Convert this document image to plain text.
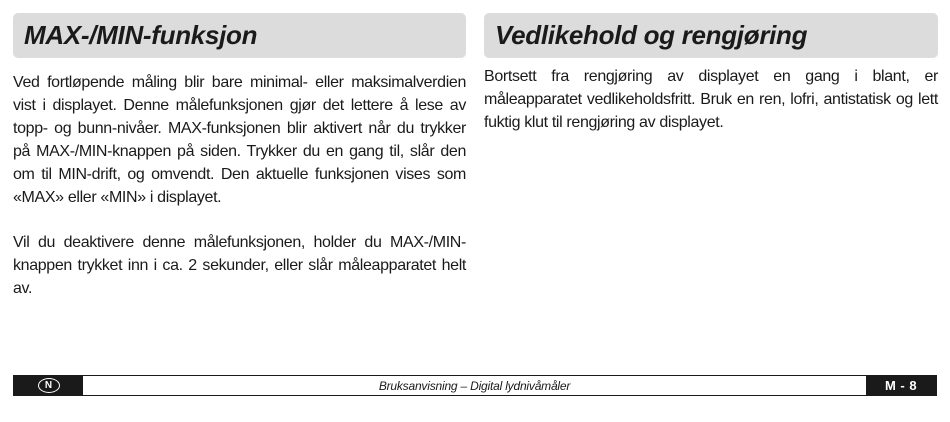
MAX-/MIN-funksjon

Ved fortløpende måling blir bare minimal- eller maksimalverdien vist i displayet. Denne målefunksjonen gjør det lettere å lese av topp- og bunn-nivåer. MAX-funksjonen blir aktivert når du trykker på MAX-/MIN-knappen på siden. Trykker du en gang til, slår den om til MIN-drift, og omvendt. Den aktuelle funksjonen vises som «MAX» eller «MIN» i displayet.

Vil du deaktivere denne målefunksjonen, holder du MAX-/MIN-knappen trykket inn i ca. 2 sekunder, eller slår måleapparatet helt av.

Vedlikehold og rengjøring

Bortsett fra rengjøring av displayet en gang i blant, er måleapparatet vedlikeholdsfritt. Bruk en ren, lofri, antistatisk og lett fuktig klut til rengjøring av displayet.

N	Bruksanvisning – Digital lydnivåmåler	M - 8
